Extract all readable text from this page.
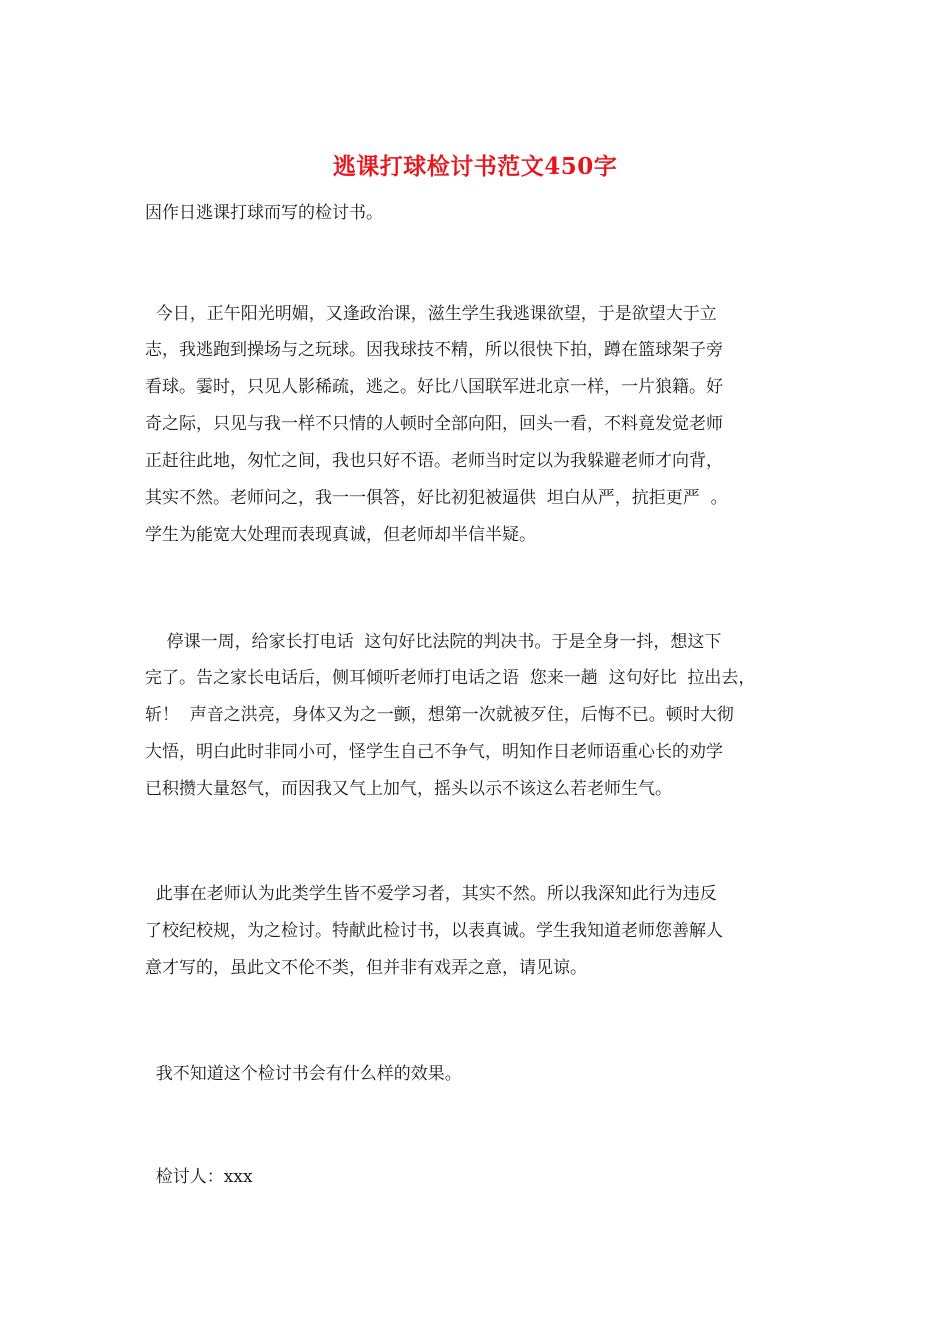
逃课打球检讨书范文450字
因作日逃课打球而写的检讨书。
今日，正午阳光明媚，又逢政治课，滋生学生我逃课欲望，于是欲望大于立
志，我逃跑到操场与之玩球。因我球技不精，所以很快下拍，蹲在篮球架子旁
看球。霎时，只见人影稀疏，逃之。好比八国联军进北京一样，一片狼籍。好
奇之际，只见与我一样不只情的人顿时全部向阳，回头一看，不料竟发觉老师
正赶往此地，匆忙之间，我也只好不语。老师当时定以为我躲避老师才向背，
其实不然。老师问之，我一一俱答，好比初犯被逼供  坦白从严，抗拒更严  。
学生为能宽大处理而表现真诚，但老师却半信半疑。
停课一周，给家长打电话  这句好比法院的判决书。于是全身一抖，想这下
完了。告之家长电话后，侧耳倾听老师打电话之语  您来一趟  这句好比  拉出去，
斩！  声音之洪亮，身体又为之一颤，想第一次就被歹住，后悔不已。顿时大彻
大悟，明白此时非同小可，怪学生自己不争气，明知作日老师语重心长的劝学
已积攒大量怒气，而因我又气上加气，摇头以示不该这么若老师生气。
此事在老师认为此类学生皆不爱学习者，其实不然。所以我深知此行为违反
了校纪校规，为之检讨。特献此检讨书，以表真诚。学生我知道老师您善解人
意才写的，虽此文不伦不类，但并非有戏弄之意，请见谅。
我不知道这个检讨书会有什么样的效果。
检讨人：xxx
